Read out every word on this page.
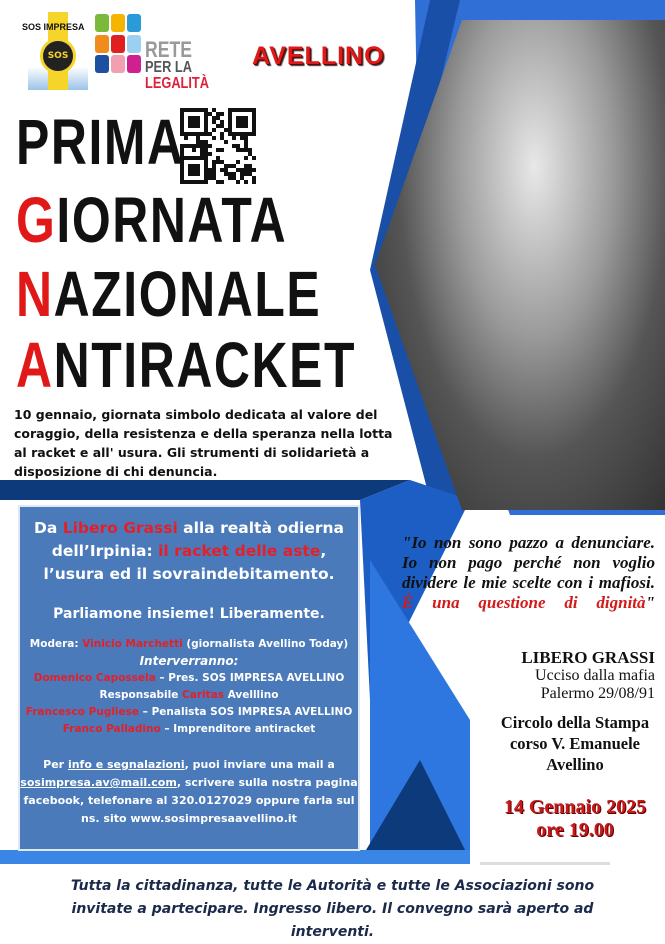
SOS
SOS IMPRESA
RETE
PER LA
LEGALITÀ
AVELLINO
PRIMA
GIORNATA
NAZIONALE
ANTIRACKET
10 gennaio, giornata simbolo dedicata al valore del coraggio, della resistenza e della speranza nella lotta al racket e all' usura. Gli strumenti di solidarietà a disposizione di chi denuncia.
Da Libero Grassi alla realtà odierna dell’Irpinia: il racket delle aste, l’usura ed il sovraindebitamento.
Parliamone insieme! Liberamente.
Modera: Vinicio Marchetti (giornalista Avellino Today)
Interverranno:
Domenico Capossela – Pres. SOS IMPRESA AVELLINO
Responsabile Caritas Avelllino
Francesco Pugliese – Penalista SOS IMPRESA AVELLINO
Franco Palladino – Imprenditore antiracket
Per info e segnalazioni, puoi inviare una mail a sosimpresa.av@mail.com, scrivere sulla nostra pagina facebook, telefonare al 320.0127029 oppure farla sul ns. sito www.sosimpresaavellino.it
"Io non sono pazzo a denunciare. Io non pago perché non voglio dividere le mie scelte con i mafiosi. È una questione di dignità"
LIBERO GRASSI
Ucciso dalla mafia
Palermo 29/08/91
Circolo della Stampa
corso V. Emanuele
Avellino
14 Gennaio 2025
ore 19.00
Tutta la cittadinanza, tutte le Autorità e tutte le Associazioni sono invitate a partecipare. Ingresso libero. Il convegno sarà aperto ad interventi.
